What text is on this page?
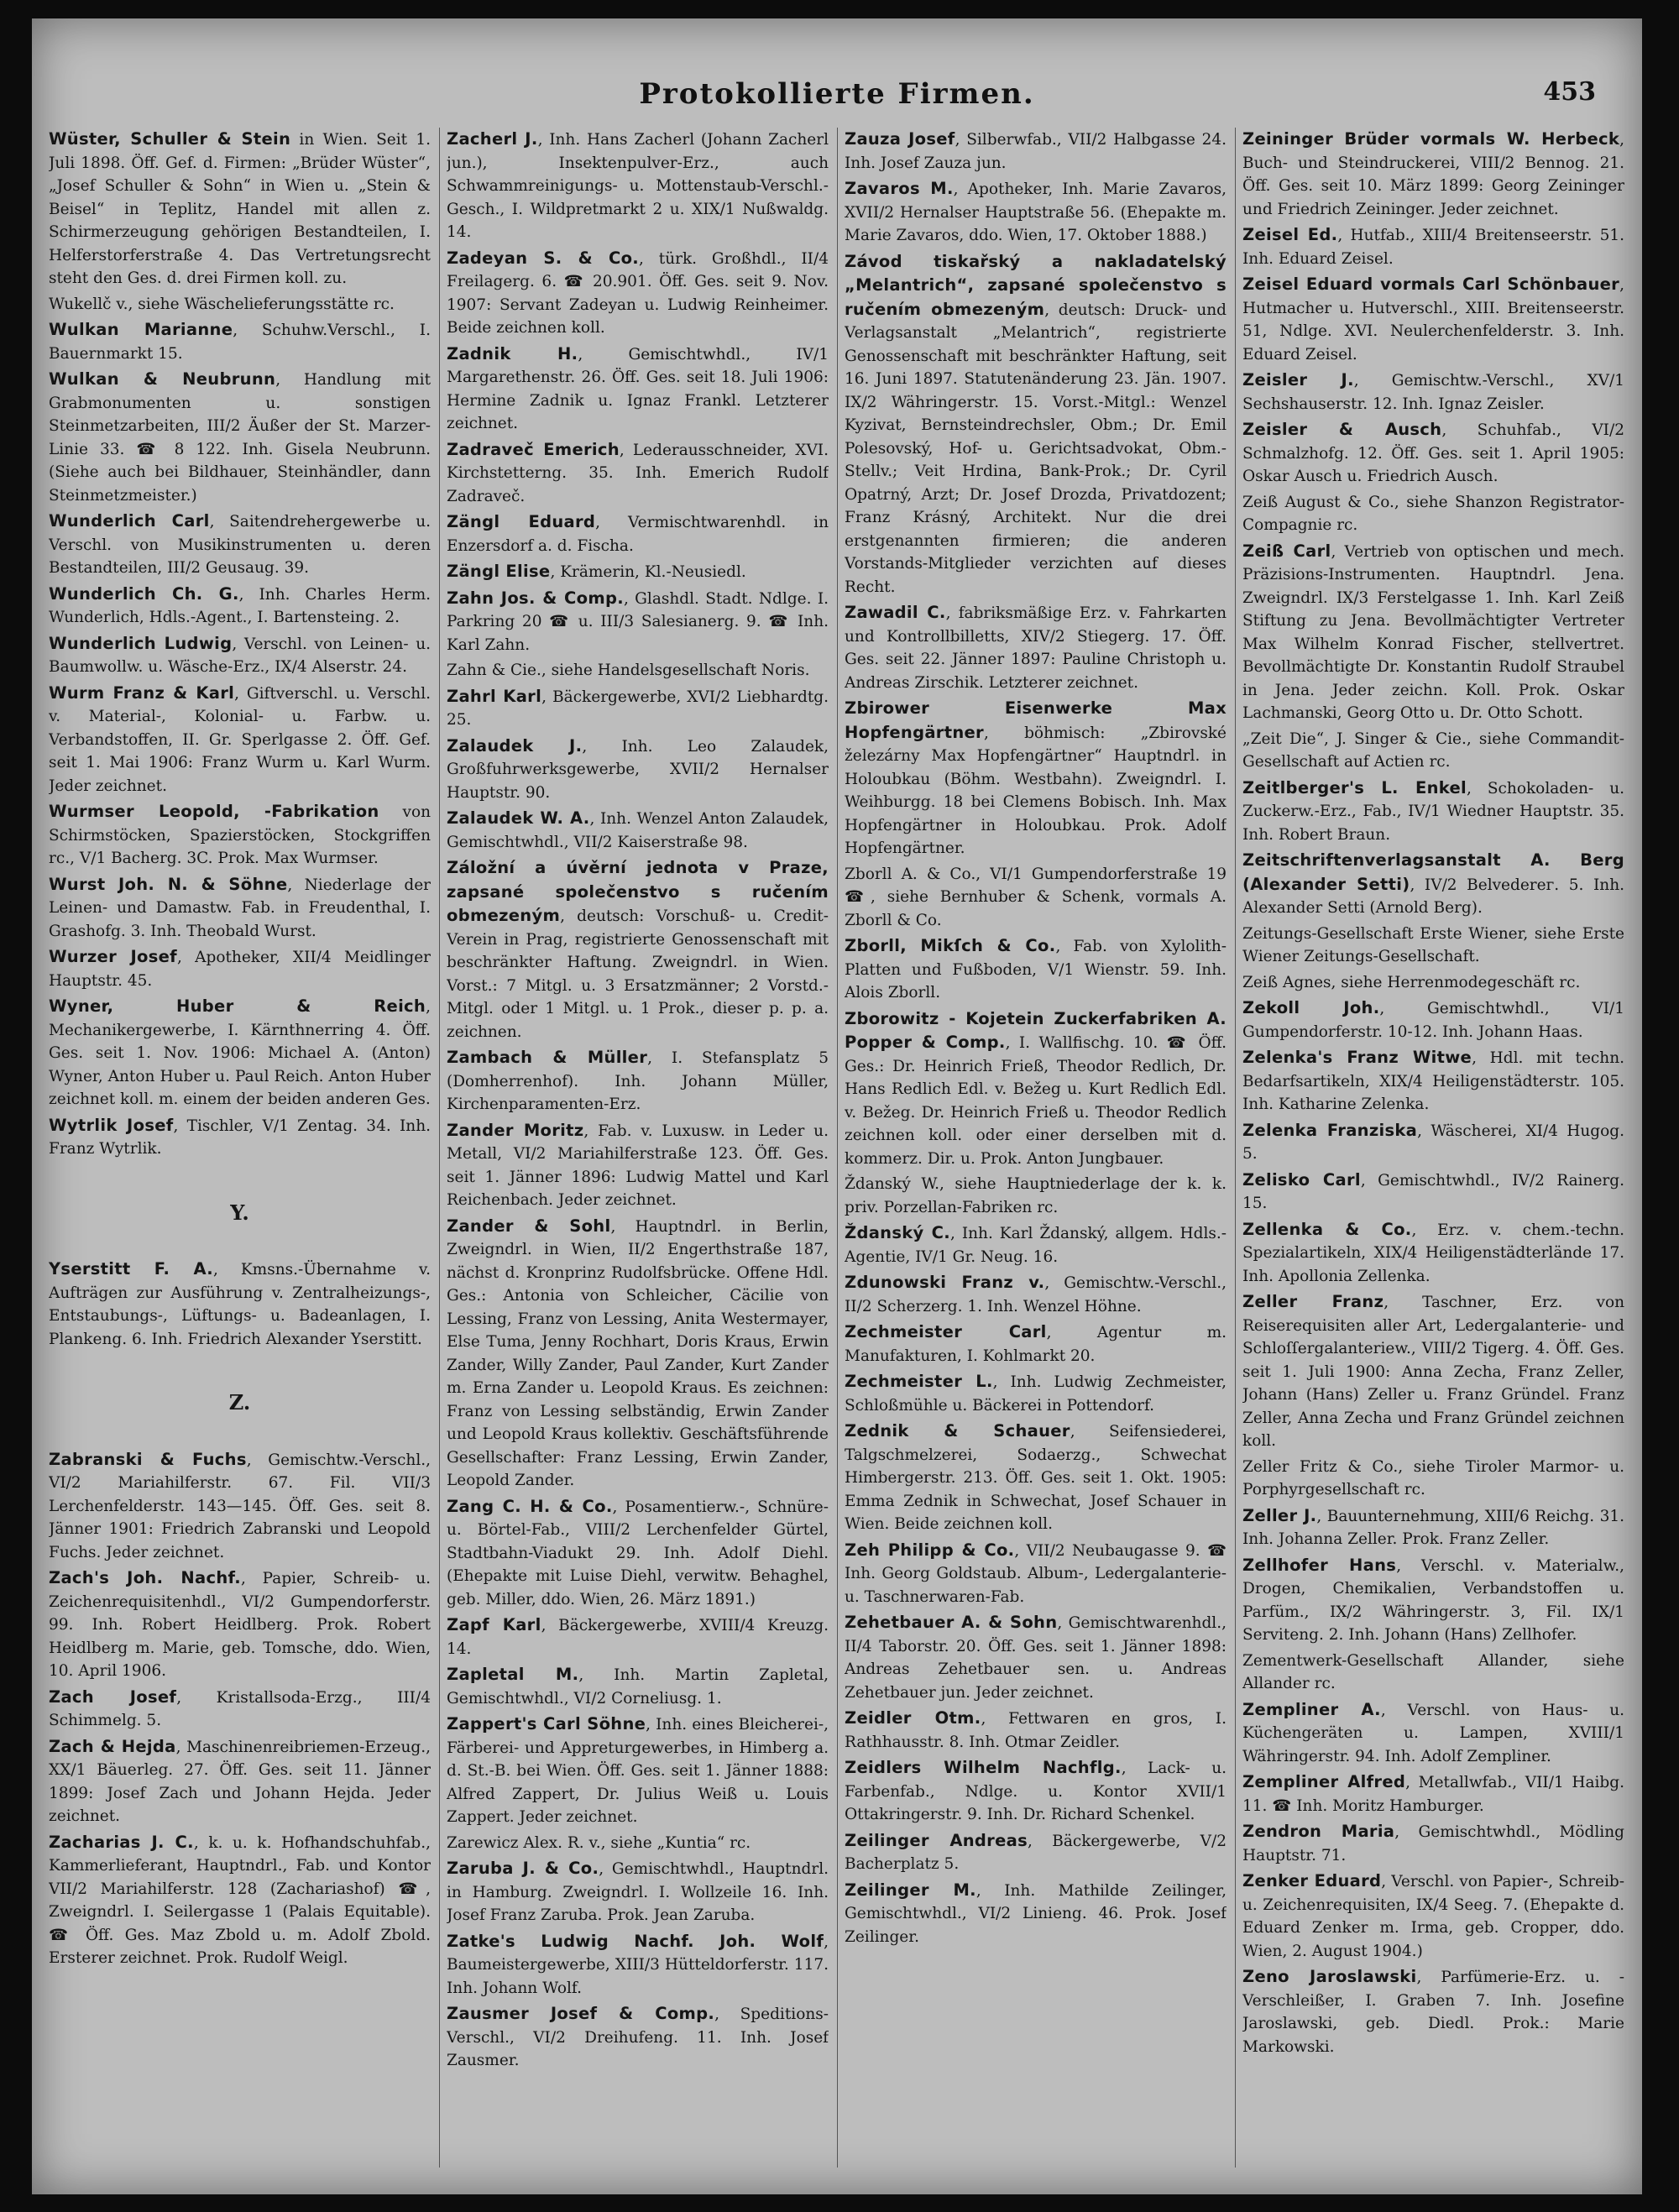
Protokollierte Firmen.	453
Wüster, Schuller & Stein in Wien. Seit 1. Juli 1898. Öff. Gef. d. Firmen: „Brüder Wüster“, „Josef Schuller & Sohn“ in Wien u. „Stein & Beisel“ in Teplitz, Handel mit allen z. Schirmerzeugung gehörigen Bestandteilen, I. Helferstorferstraße 4. Das Vertretungsrecht steht den Ges. d. drei Firmen koll. zu.
Wukellč v., siehe Wäschelieferungsstätte rc.
Wulkan Marianne, Schuhw.Verschl., I. Bauernmarkt 15.
Wulkan & Neubrunn, Handlung mit Grabmonumenten u. sonstigen Steinmetzarbeiten, III/2 Äußer der St. Marzer-Linie 33. ☎ 8 122. Inh. Gisela Neubrunn. (Siehe auch bei Bildhauer, Steinhändler, dann Steinmetzmeister.)
Wunderlich Carl, Saitendrehergewerbe u. Verschl. von Musikinstrumenten u. deren Bestandteilen, III/2 Geusaug. 39.
Wunderlich Ch. G., Inh. Charles Herm. Wunderlich, Hdls.-Agent., I. Bartensteing. 2.
Wunderlich Ludwig, Verschl. von Leinen- u. Baumwollw. u. Wäsche-Erz., IX/4 Alserstr. 24.
Wurm Franz & Karl, Giftverschl. u. Verschl. v. Material-, Kolonial- u. Farbw. u. Verbandstoffen, II. Gr. Sperlgasse 2. Öff. Gef. seit 1. Mai 1906: Franz Wurm u. Karl Wurm. Jeder zeichnet.
Wurmser Leopold, -Fabrikation von Schirmstöcken, Spazierstöcken, Stockgriffen rc., V/1 Bacherg. 3C. Prok. Max Wurmser.
Wurst Joh. N. & Söhne, Niederlage der Leinen- und Damastw. Fab. in Freudenthal, I. Grashofg. 3. Inh. Theobald Wurst.
Wurzer Josef, Apotheker, XII/4 Meidlinger Hauptstr. 45.
Wyner, Huber & Reich, Mechanikergewerbe, I. Kärnthnerring 4. Öff. Ges. seit 1. Nov. 1906: Michael A. (Anton) Wyner, Anton Huber u. Paul Reich. Anton Huber zeichnet koll. m. einem der beiden anderen Ges.
Wytrlik Josef, Tischler, V/1 Zentag. 34. Inh. Franz Wytrlik.
Y.
Yserstitt F. A., Kmsns.-Übernahme v. Aufträgen zur Ausführung v. Zentralheizungs-, Entstaubungs-, Lüftungs- u. Badeanlagen, I. Plankeng. 6. Inh. Friedrich Alexander Yserstitt.
Z.
Zabranski & Fuchs, Gemischtw.-Verschl., VI/2 Mariahilferstr. 67. Fil. VII/3 Lerchenfelderstr. 143—145. Öff. Ges. seit 8. Jänner 1901: Friedrich Zabranski und Leopold Fuchs. Jeder zeichnet.
Zach's Joh. Nachf., Papier, Schreib- u. Zeichenrequisitenhdl., VI/2 Gumpendorferstr. 99. Inh. Robert Heidlberg. Prok. Robert Heidlberg m. Marie, geb. Tomsche, ddo. Wien, 10. April 1906.
Zach Josef, Kristallsoda-Erzg., III/4 Schimmelg. 5.
Zach & Hejda, Maschinenreibriemen-Erzeug., XX/1 Bäuerleg. 27. Öff. Ges. seit 11. Jänner 1899: Josef Zach und Johann Hejda. Jeder zeichnet.
Zacharias J. C., k. u. k. Hofhandschuhfab., Kammerlieferant, Hauptndrl., Fab. und Kontor VII/2 Mariahilferstr. 128 (Zachariashof) ☎, Zweigndrl. I. Seilergasse 1 (Palais Equitable). ☎ Öff. Ges. Maz Zbold u. m. Adolf Zbold. Ersterer zeichnet. Prok. Rudolf Weigl.
Zacherl J., Inh. Hans Zacherl (Johann Zacherl jun.), Insektenpulver-Erz., auch Schwammreinigungs- u. Mottenstaub-Verschl.-Gesch., I. Wildpretmarkt 2 u. XIX/1 Nußwaldg. 14.
Zadeyan S. & Co., türk. Großhdl., II/4 Freilagerg. 6. ☎ 20.901. Öff. Ges. seit 9. Nov. 1907: Servant Zadeyan u. Ludwig Reinheimer. Beide zeichnen koll.
Zadnik H., Gemischtwhdl., IV/1 Margarethenstr. 26. Öff. Ges. seit 18. Juli 1906: Hermine Zadnik u. Ignaz Frankl. Letzterer zeichnet.
Zadraveč Emerich, Lederausschneider, XVI. Kirchstetterng. 35. Inh. Emerich Rudolf Zadraveč.
Zängl Eduard, Vermischtwarenhdl. in Enzersdorf a. d. Fischa.
Zängl Elise, Krämerin, Kl.-Neusiedl.
Zahn Jos. & Comp., Glashdl. Stadt. Ndlge. I. Parkring 20 ☎ u. III/3 Salesianerg. 9. ☎ Inh. Karl Zahn.
Zahn & Cie., siehe Handelsgesellschaft Noris.
Zahrl Karl, Bäckergewerbe, XVI/2 Liebhardtg. 25.
Zalaudek J., Inh. Leo Zalaudek, Großfuhrwerksgewerbe, XVII/2 Hernalser Hauptstr. 90.
Zalaudek W. A., Inh. Wenzel Anton Zalaudek, Gemischtwhdl., VII/2 Kaiserstraße 98.
Záložní a úvěrní jednota v Praze, zapsané společenstvo s ručením obmezeným, deutsch: Vorschuß- u. Credit-Verein in Prag, registrierte Genossenschaft mit beschränkter Haftung. Zweigndrl. in Wien. Vorst.: 7 Mitgl. u. 3 Ersatzmänner; 2 Vorstd.-Mitgl. oder 1 Mitgl. u. 1 Prok., dieser p. p. a. zeichnen.
Zambach & Müller, I. Stefansplatz 5 (Domherrenhof). Inh. Johann Müller, Kirchenparamenten-Erz.
Zander Moritz, Fab. v. Luxusw. in Leder u. Metall, VI/2 Mariahilferstraße 123. Öff. Ges. seit 1. Jänner 1896: Ludwig Mattel und Karl Reichenbach. Jeder zeichnet.
Zander & Sohl, Hauptndrl. in Berlin, Zweigndrl. in Wien, II/2 Engerthstraße 187, nächst d. Kronprinz Rudolfsbrücke. Offene Hdl. Ges.: Antonia von Schleicher, Cäcilie von Lessing, Franz von Lessing, Anita Westermayer, Else Tuma, Jenny Rochhart, Doris Kraus, Erwin Zander, Willy Zander, Paul Zander, Kurt Zander m. Erna Zander u. Leopold Kraus. Es zeichnen: Franz von Lessing selbständig, Erwin Zander und Leopold Kraus kollektiv. Geschäftsführende Gesellschafter: Franz Lessing, Erwin Zander, Leopold Zander.
Zang C. H. & Co., Posamentierw.-, Schnüre- u. Börtel-Fab., VIII/2 Lerchenfelder Gürtel, Stadtbahn-Viadukt 29. Inh. Adolf Diehl. (Ehepakte mit Luise Diehl, verwitw. Behaghel, geb. Miller, ddo. Wien, 26. März 1891.)
Zapf Karl, Bäckergewerbe, XVIII/4 Kreuzg. 14.
Zapletal M., Inh. Martin Zapletal, Gemischtwhdl., VI/2 Corneliusg. 1.
Zappert's Carl Söhne, Inh. eines Bleicherei-, Färberei- und Appreturgewerbes, in Himberg a. d. St.-B. bei Wien. Öff. Ges. seit 1. Jänner 1888: Alfred Zappert, Dr. Julius Weiß u. Louis Zappert. Jeder zeichnet.
Zarewicz Alex. R. v., siehe „Kuntia“ rc.
Zaruba J. & Co., Gemischtwhdl., Hauptndrl. in Hamburg. Zweigndrl. I. Wollzeile 16. Inh. Josef Franz Zaruba. Prok. Jean Zaruba.
Zatke's Ludwig Nachf. Joh. Wolf, Baumeistergewerbe, XIII/3 Hütteldorferstr. 117. Inh. Johann Wolf.
Zausmer Josef & Comp., Speditions-Verschl., VI/2 Dreihufeng. 11. Inh. Josef Zausmer.
Zauza Josef, Silberwfab., VII/2 Halbgasse 24. Inh. Josef Zauza jun.
Zavaros M., Apotheker, Inh. Marie Zavaros, XVII/2 Hernalser Hauptstraße 56. (Ehepakte m. Marie Zavaros, ddo. Wien, 17. Oktober 1888.)
Závod tiskařský a nakladatelský „Melantrich“, zapsané společenstvo s ručením obmezeným, deutsch: Druck- und Verlagsanstalt „Melantrich“, registrierte Genossenschaft mit beschränkter Haftung, seit 16. Juni 1897. Statutenänderung 23. Jän. 1907. IX/2 Währingerstr. 15. Vorst.-Mitgl.: Wenzel Kyzivat, Bernsteindrechsler, Obm.; Dr. Emil Polesovský, Hof- u. Gerichtsadvokat, Obm.-Stellv.; Veit Hrdina, Bank-Prok.; Dr. Cyril Opatrný, Arzt; Dr. Josef Drozda, Privatdozent; Franz Krásný, Architekt. Nur die drei erstgenannten firmieren; die anderen Vorstands-Mitglieder verzichten auf dieses Recht.
Zawadil C., fabriksmäßige Erz. v. Fahrkarten und Kontrollbilletts, XIV/2 Stiegerg. 17. Öff. Ges. seit 22. Jänner 1897: Pauline Christoph u. Andreas Zirschik. Letzterer zeichnet.
Zbirower Eisenwerke Max Hopfengärtner, böhmisch: „Zbirovské železárny Max Hopfengärtner“ Hauptndrl. in Holoubkau (Böhm. Westbahn). Zweigndrl. I. Weihburgg. 18 bei Clemens Bobisch. Inh. Max Hopfengärtner in Holoubkau. Prok. Adolf Hopfengärtner.
Zborll A. & Co., VI/1 Gumpendorferstraße 19 ☎, siehe Bernhuber & Schenk, vormals A. Zborll & Co.
Zborll, Mikſch & Co., Fab. von Xylolith-Platten und Fußboden, V/1 Wienstr. 59. Inh. Alois Zborll.
Zborowitz - Kojetein Zuckerfabriken A. Popper & Comp., I. Wallfischg. 10. ☎ Öff. Ges.: Dr. Heinrich Frieß, Theodor Redlich, Dr. Hans Redlich Edl. v. Bežeg u. Kurt Redlich Edl. v. Bežeg. Dr. Heinrich Frieß u. Theodor Redlich zeichnen koll. oder einer derselben mit d. kommerz. Dir. u. Prok. Anton Jungbauer.
Ždanský W., siehe Hauptniederlage der k. k. priv. Porzellan-Fabriken rc.
Ždanský C., Inh. Karl Ždanský, allgem. Hdls.-Agentie, IV/1 Gr. Neug. 16.
Zdunowski Franz v., Gemischtw.-Verschl., II/2 Scherzerg. 1. Inh. Wenzel Höhne.
Zechmeister Carl, Agentur m. Manufakturen, I. Kohlmarkt 20.
Zechmeister L., Inh. Ludwig Zechmeister, Schloßmühle u. Bäckerei in Pottendorf.
Zednik & Schauer, Seifensiederei, Talgschmelzerei, Sodaerzg., Schwechat Himbergerstr. 213. Öff. Ges. seit 1. Okt. 1905: Emma Zednik in Schwechat, Josef Schauer in Wien. Beide zeichnen koll.
Zeh Philipp & Co., VII/2 Neubaugasse 9. ☎ Inh. Georg Goldstaub. Album-, Ledergalanterie- u. Taschnerwaren-Fab.
Zehetbauer A. & Sohn, Gemischtwarenhdl., II/4 Taborstr. 20. Öff. Ges. seit 1. Jänner 1898: Andreas Zehetbauer sen. u. Andreas Zehetbauer jun. Jeder zeichnet.
Zeidler Otm., Fettwaren en gros, I. Rathhausstr. 8. Inh. Otmar Zeidler.
Zeidlers Wilhelm Nachflg., Lack- u. Farbenfab., Ndlge. u. Kontor XVII/1 Ottakringerstr. 9. Inh. Dr. Richard Schenkel.
Zeilinger Andreas, Bäckergewerbe, V/2 Bacherplatz 5.
Zeilinger M., Inh. Mathilde Zeilinger, Gemischtwhdl., VI/2 Linieng. 46. Prok. Josef Zeilinger.
Zeininger Brüder vormals W. Herbeck, Buch- und Steindruckerei, VIII/2 Bennog. 21. Öff. Ges. seit 10. März 1899: Georg Zeininger und Friedrich Zeininger. Jeder zeichnet.
Zeisel Ed., Hutfab., XIII/4 Breitenseerstr. 51. Inh. Eduard Zeisel.
Zeisel Eduard vormals Carl Schönbauer, Hutmacher u. Hutverschl., XIII. Breitenseerstr. 51, Ndlge. XVI. Neulerchenfelderstr. 3. Inh. Eduard Zeisel.
Zeisler J., Gemischtw.-Verschl., XV/1 Sechshauserstr. 12. Inh. Ignaz Zeisler.
Zeisler & Ausch, Schuhfab., VI/2 Schmalzhofg. 12. Öff. Ges. seit 1. April 1905: Oskar Ausch u. Friedrich Ausch.
Zeiß August & Co., siehe Shanzon Registrator-Compagnie rc.
Zeiß Carl, Vertrieb von optischen und mech. Präzisions-Instrumenten. Hauptndrl. Jena. Zweigndrl. IX/3 Ferstelgasse 1. Inh. Karl Zeiß Stiftung zu Jena. Bevollmächtigter Vertreter Max Wilhelm Konrad Fischer, stellvertret. Bevollmächtigte Dr. Konstantin Rudolf Straubel in Jena. Jeder zeichn. Koll. Prok. Oskar Lachmanski, Georg Otto u. Dr. Otto Schott.
„Zeit Die“, J. Singer & Cie., siehe Commandit-Gesellschaft auf Actien rc.
Zeitlberger's L. Enkel, Schokoladen- u. Zuckerw.-Erz., Fab., IV/1 Wiedner Hauptstr. 35. Inh. Robert Braun.
Zeitschriftenverlagsanstalt A. Berg (Alexander Setti), IV/2 Belvederег. 5. Inh. Alexander Setti (Arnold Berg).
Zeitungs-Gesellschaft Erste Wiener, siehe Erste Wiener Zeitungs-Gesellschaft.
Zeiß Agnes, siehe Herrenmodegeschäft rc.
Zekoll Joh., Gemischtwhdl., VI/1 Gumpendorferstr. 10-12. Inh. Johann Haas.
Zelenka's Franz Witwe, Hdl. mit techn. Bedarfsartikeln, XIX/4 Heiligenstädterstr. 105. Inh. Katharine Zelenka.
Zelenka Franziska, Wäscherei, XI/4 Hugog. 5.
Zelisko Carl, Gemischtwhdl., IV/2 Rainerg. 15.
Zellenka & Co., Erz. v. chem.-techn. Spezialartikeln, XIX/4 Heiligenstädterlände 17. Inh. Apollonia Zellenka.
Zeller Franz, Taschner, Erz. von Reiserequisiten aller Art, Ledergalanterie- und Schloſſergalanteriew., VIII/2 Tigerg. 4. Öff. Ges. seit 1. Juli 1900: Anna Zecha, Franz Zeller, Johann (Hans) Zeller u. Franz Gründel. Franz Zeller, Anna Zecha und Franz Gründel zeichnen koll.
Zeller Fritz & Co., siehe Tiroler Marmor- u. Porphyrgesellschaft rc.
Zeller J., Bauunternehmung, XIII/6 Reichg. 31. Inh. Johanna Zeller. Prok. Franz Zeller.
Zellhofer Hans, Verschl. v. Materialw., Drogen, Chemikalien, Verbandstoffen u. Parfüm., IX/2 Währingerstr. 3, Fil. IX/1 Servitеng. 2. Inh. Johann (Hans) Zellhofer.
Zementwerk-Gesellschaft Allander, siehe Allander rc.
Zempliner A., Verschl. von Haus- u. Küchengeräten u. Lampen, XVIII/1 Währingerstr. 94. Inh. Adolf Zempliner.
Zempliner Alfred, Metallwfab., VII/1 Haibg. 11. ☎ Inh. Moritz Hamburger.
Zendron Maria, Gemischtwhdl., Mödling Hauptstr. 71.
Zenker Eduard, Verschl. von Papier-, Schreib- u. Zeichenrequisiten, IX/4 Seeg. 7. (Ehepakte d. Eduard Zenker m. Irma, geb. Cropper, ddo. Wien, 2. August 1904.)
Zeno Jaroslawski, Parfümerie-Erz. u. -Verschleißer, I. Graben 7. Inh. Josefine Jaroslawski, geb. Diedl. Prok.: Marie Markowski.
